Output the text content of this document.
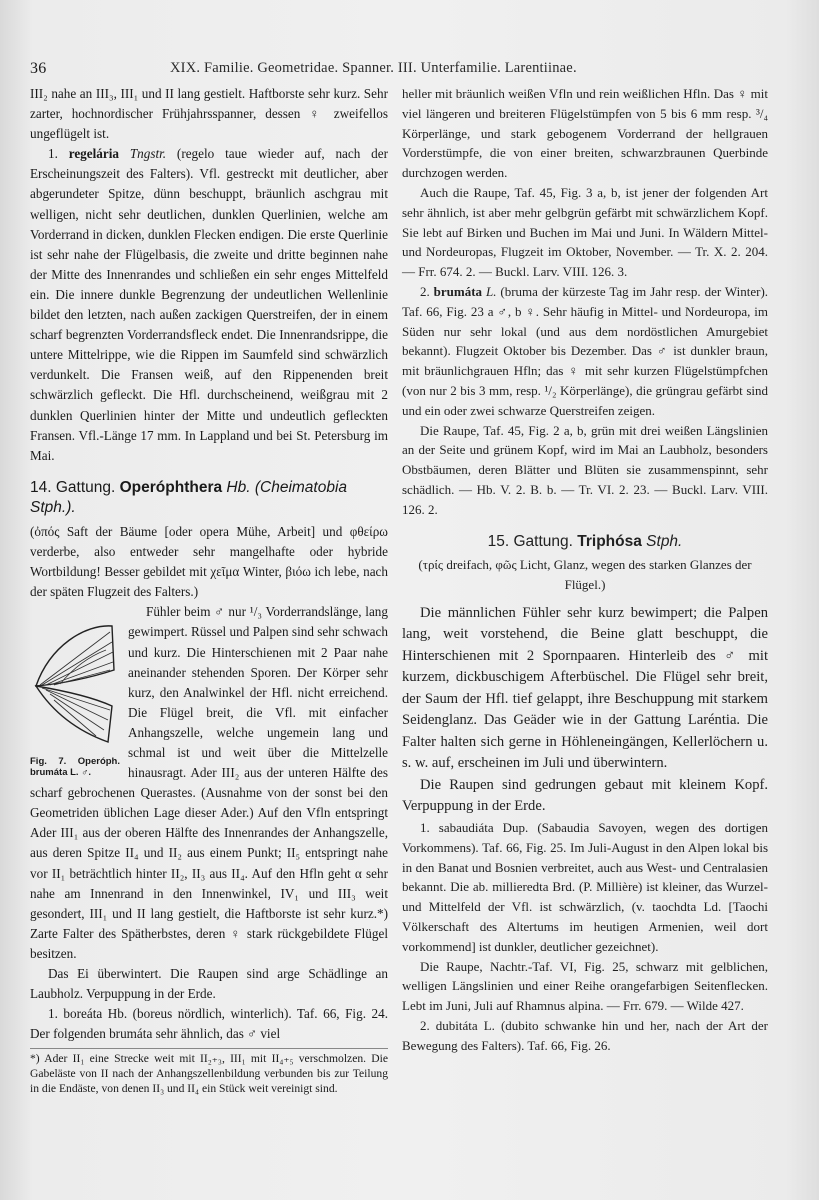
36	XIX. Familie. Geometridae. Spanner. III. Unterfamilie. Larentiinae.

III₂ nahe an III₃, III₁ und II lang gestielt. Haftborste sehr kurz. Sehr zarter, hochnordischer Frühjahrsspanner, dessen ♀ zweifellos ungeflügelt ist.

1. regelária Tngstr. (regelo taue wieder auf, nach der Erscheinungszeit des Falters). Vfl. gestreckt mit deutlicher, aber abgerundeter Spitze, dünn beschuppt, bräunlich aschgrau mit welligen, nicht sehr deutlichen, dunklen Querlinien, welche am Vorderrand in dicken, dunklen Flecken endigen. Die erste Querlinie ist sehr nahe der Flügelbasis, die zweite und dritte beginnen nahe der Mitte des Innenrandes und schließen ein sehr enges Mittelfeld ein. Die innere dunkle Begrenzung der undeutlichen Wellenlinie bildet den letzten, nach außen zackigen Querstreifen, der in einem scharf begrenzten Vorderrandsfleck endet. Die Innenrandsrippe, die untere Mittelrippe, wie die Rippen im Saumfeld sind schwärzlich verdunkelt. Die Fransen weiß, auf den Rippenenden breit schwärzlich gefleckt. Die Hfl. durchscheinend, weißgrau mit 2 dunklen Querlinien hinter der Mitte und undeutlich gefleckten Fransen. Vfl.-Länge 17 mm. In Lappland und bei St. Petersburg im Mai.

14. Gattung. Operóphthera Hb. (Cheimatobia Stph.).

(ὀπός Saft der Bäume [oder opera Mühe, Arbeit] und φθείρω verderbe, also entweder sehr mangelhafte oder hybride Wortbildung! Besser gebildet mit χεῖμα Winter, βιόω ich lebe, nach der späten Flugzeit des Falters.)

Fig. 7. Operóph. brumáta L. ♂.

Fühler beim ♂ nur ¹/₃ Vorderrandslänge, lang gewimpert. Rüssel und Palpen sind sehr schwach und kurz. Die Hinterschienen mit 2 Paar nahe aneinander stehenden Sporen. Der Körper sehr kurz, den Analwinkel der Hfl. nicht erreichend. Die Flügel breit, die Vfl. mit einfacher Anhangszelle, welche ungemein lang und schmal ist und weit über die Mittelzelle hinausragt. Ader III₂ aus der unteren Hälfte des scharf gebrochenen Querastes. (Ausnahme von der sonst bei den Geometriden üblichen Lage dieser Ader.) Auf den Vfln entspringt Ader III₁ aus der oberen Hälfte des Innenrandes der Anhangszelle, aus deren Spitze II₄ und II₂ aus einem Punkt; II₅ entspringt nahe vor II₁ beträchtlich hinter II₂, II₃ aus II₄. Auf den Hfln geht α sehr nahe am Innenrand in den Innenwinkel, IV₁ und III₃ weit gesondert, III₁ und II lang gestielt, die Haftborste ist sehr kurz.*) Zarte Falter des Spätherbstes, deren ♀ stark rückgebildete Flügel besitzen.

Das Ei überwintert. Die Raupen sind arge Schädlinge an Laubholz. Verpuppung in der Erde.

1. boreáta Hb. (boreus nördlich, winterlich). Taf. 66, Fig. 24. Der folgenden brumáta sehr ähnlich, das ♂ viel

*) Ader II₁ eine Strecke weit mit II₂₊₃, III₁ mit II₄₊₅ verschmolzen. Die Gabeläste von II nach der Anhangszellenbildung verbunden bis zur Teilung in die Endäste, von denen II₃ und II₄ ein Stück weit vereinigt sind.

heller mit bräunlich weißen Vfln und rein weißlichen Hfln. Das ♀ mit viel längeren und breiteren Flügelstümpfen von 5 bis 6 mm resp. ³/₄ Körperlänge, und stark gebogenem Vorderrand der hellgrauen Vorderstümpfe, die von einer breiten, schwarzbraunen Querbinde durchzogen werden.

Auch die Raupe, Taf. 45, Fig. 3 a, b, ist jener der folgenden Art sehr ähnlich, ist aber mehr gelbgrün gefärbt mit schwärzlichem Kopf. Sie lebt auf Birken und Buchen im Mai und Juni. In Wäldern Mittel- und Nordeuropas, Flugzeit im Oktober, November. — Tr. X. 2. 204. — Frr. 674. 2. — Buckl. Larv. VIII. 126. 3.

2. brumáta L. (bruma der kürzeste Tag im Jahr resp. der Winter). Taf. 66, Fig. 23 a ♂, b ♀. Sehr häufig in Mittel- und Nordeuropa, im Süden nur sehr lokal (und aus dem nordöstlichen Amurgebiet bekannt). Flugzeit Oktober bis Dezember. Das ♂ ist dunkler braun, mit bräunlichgrauen Hfln; das ♀ mit sehr kurzen Flügelstümpfchen (von nur 2 bis 3 mm, resp. ¹/₂ Körperlänge), die grüngrau gefärbt sind und ein oder zwei schwarze Querstreifen zeigen.

Die Raupe, Taf. 45, Fig. 2 a, b, grün mit drei weißen Längslinien an der Seite und grünem Kopf, wird im Mai an Laubholz, besonders Obstbäumen, deren Blätter und Blüten sie zusammenspinnt, sehr schädlich. — Hb. V. 2. B. b. — Tr. VI. 2. 23. — Buckl. Larv. VIII. 126. 2.

15. Gattung. Triphósa Stph.

(τρίς dreifach, φῶς Licht, Glanz, wegen des starken Glanzes der Flügel.)

Die männlichen Fühler sehr kurz bewimpert; die Palpen lang, weit vorstehend, die Beine glatt beschuppt, die Hinterschienen mit 2 Spornpaaren. Hinterleib des ♂ mit kurzem, dickbuschigem Afterbüschel. Die Flügel sehr breit, der Saum der Hfl. tief gelappt, ihre Beschuppung mit starkem Seidenglanz. Das Geäder wie in der Gattung Laréntia. Die Falter halten sich gerne in Höhleneingängen, Kellerlöchern u. s. w. auf, erscheinen im Juli und überwintern.

Die Raupen sind gedrungen gebaut mit kleinem Kopf. Verpuppung in der Erde.

1. sabaudiáta Dup. (Sabaudia Savoyen, wegen des dortigen Vorkommens). Taf. 66, Fig. 25. Im Juli-August in den Alpen lokal bis in den Banat und Bosnien verbreitet, auch aus West- und Centralasien bekannt. Die ab. millierеdta Brd. (P. Millière) ist kleiner, das Wurzel- und Mittelfeld der Vfl. ist schwärzlich, (v. taochdta Ld. [Taochi Völkerschaft des Altertums im heutigen Armenien, weil dort vorkommend] ist dunkler, deutlicher gezeichnet).

Die Raupe, Nachtr.-Taf. VI, Fig. 25, schwarz mit gelblichen, welligen Längslinien und einer Reihe orangefarbigen Seitenflecken. Lebt im Juni, Juli auf Rhamnus alpina. — Frr. 679. — Wilde 427.

2. dubitáta L. (dubito schwanke hin und her, nach der Art der Bewegung des Falters). Taf. 66, Fig. 26.
